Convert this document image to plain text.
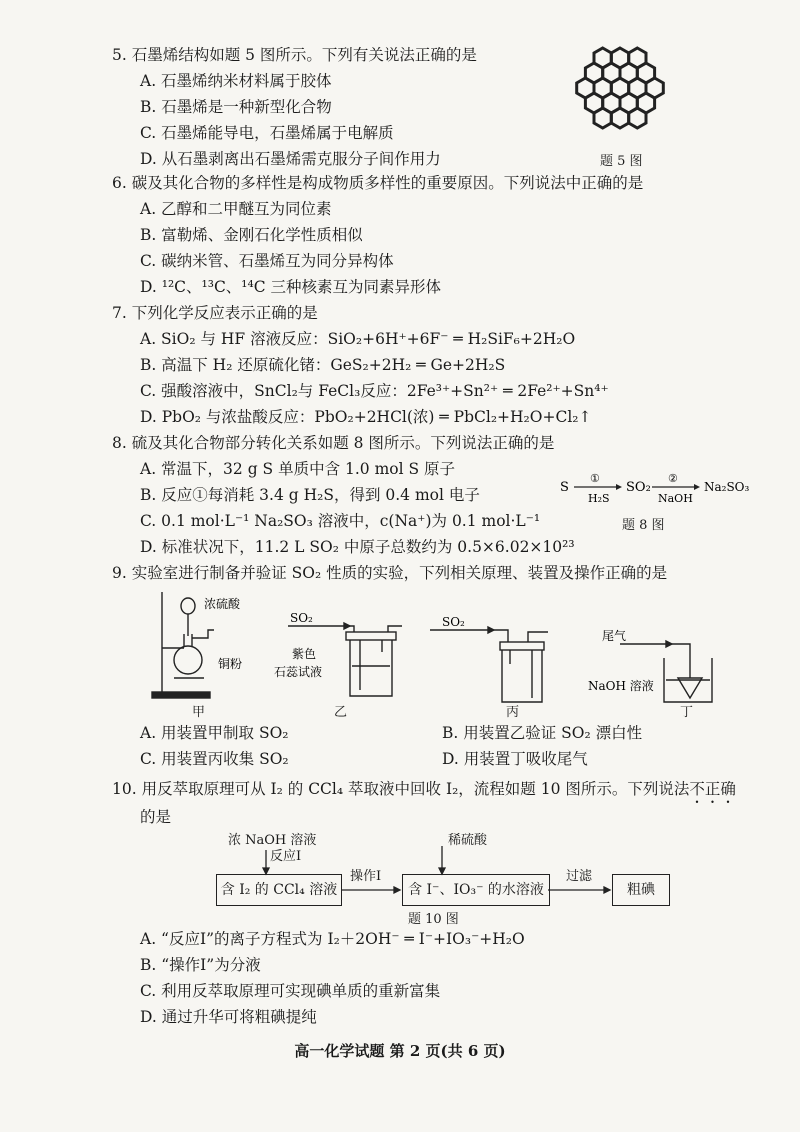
5. 石墨烯结构如题 5 图所示。下列有关说法正确的是
A. 石墨烯纳米材料属于胶体
B. 石墨烯是一种新型化合物
C. 石墨烯能导电，石墨烯属于电解质
D. 从石墨剥离出石墨烯需克服分子间作用力	题 5 图
6. 碳及其化合物的多样性是构成物质多样性的重要原因。下列说法中正确的是
A. 乙醇和二甲醚互为同位素
B. 富勒烯、金刚石化学性质相似
C. 碳纳米管、石墨烯互为同分异构体
D. ¹²C、¹³C、¹⁴C 三种核素互为同素异形体
7. 下列化学反应表示正确的是
A. SiO₂ 与 HF 溶液反应：SiO₂+6H⁺+6F⁻ ═ H₂SiF₆+2H₂O
B. 高温下 H₂ 还原硫化锗：GeS₂+2H₂ ═ Ge+2H₂S
C. 强酸溶液中，SnCl₂与 FeCl₃反应：2Fe³⁺+Sn²⁺ ═ 2Fe²⁺+Sn⁴⁺
D. PbO₂ 与浓盐酸反应：PbO₂+2HCl(浓) ═ PbCl₂+H₂O+Cl₂↑
8. 硫及其化合物部分转化关系如题 8 图所示。下列说法正确的是
A. 常温下，32 g S 单质中含 1.0 mol S 原子
B. 反应①每消耗 3.4 g H₂S，得到 0.4 mol 电子
C. 0.1 mol·L⁻¹ Na₂SO₃ 溶液中，c(Na⁺)为 0.1 mol·L⁻¹
D. 标准状况下，11.2 L SO₂ 中原子总数约为 0.5×6.02×10²³
S
①
H₂S
SO₂
②
NaOH
Na₂SO₃
题 8 图
9. 实验室进行制备并验证 SO₂ 性质的实验，下列相关原理、装置及操作正确的是
浓硫酸
铜粉
甲
SO₂
紫色
石蕊试液
乙
SO₂
丙
尾气
NaOH 溶液
丁
A. 用装置甲制取 SO₂	B. 用装置乙验证 SO₂ 漂白性
C. 用装置丙收集 SO₂	D. 用装置丁吸收尾气
10. 用反萃取原理可从 I₂ 的 CCl₄ 萃取液中回收 I₂，流程如题 10 图所示。下列说法不正确
的是
浓 NaOH 溶液
反应I
稀硫酸
含 I₂ 的 CCl₄ 溶液
操作I
含 I⁻、IO₃⁻ 的水溶液
过滤
粗碘
题 10 图
A. “反应I”的离子方程式为 I₂＋2OH⁻ ═ I⁻+IO₃⁻+H₂O
B. “操作I”为分液
C. 利用反萃取原理可实现碘单质的重新富集
D. 通过升华可将粗碘提纯
高一化学试题 第 2 页(共 6 页)
